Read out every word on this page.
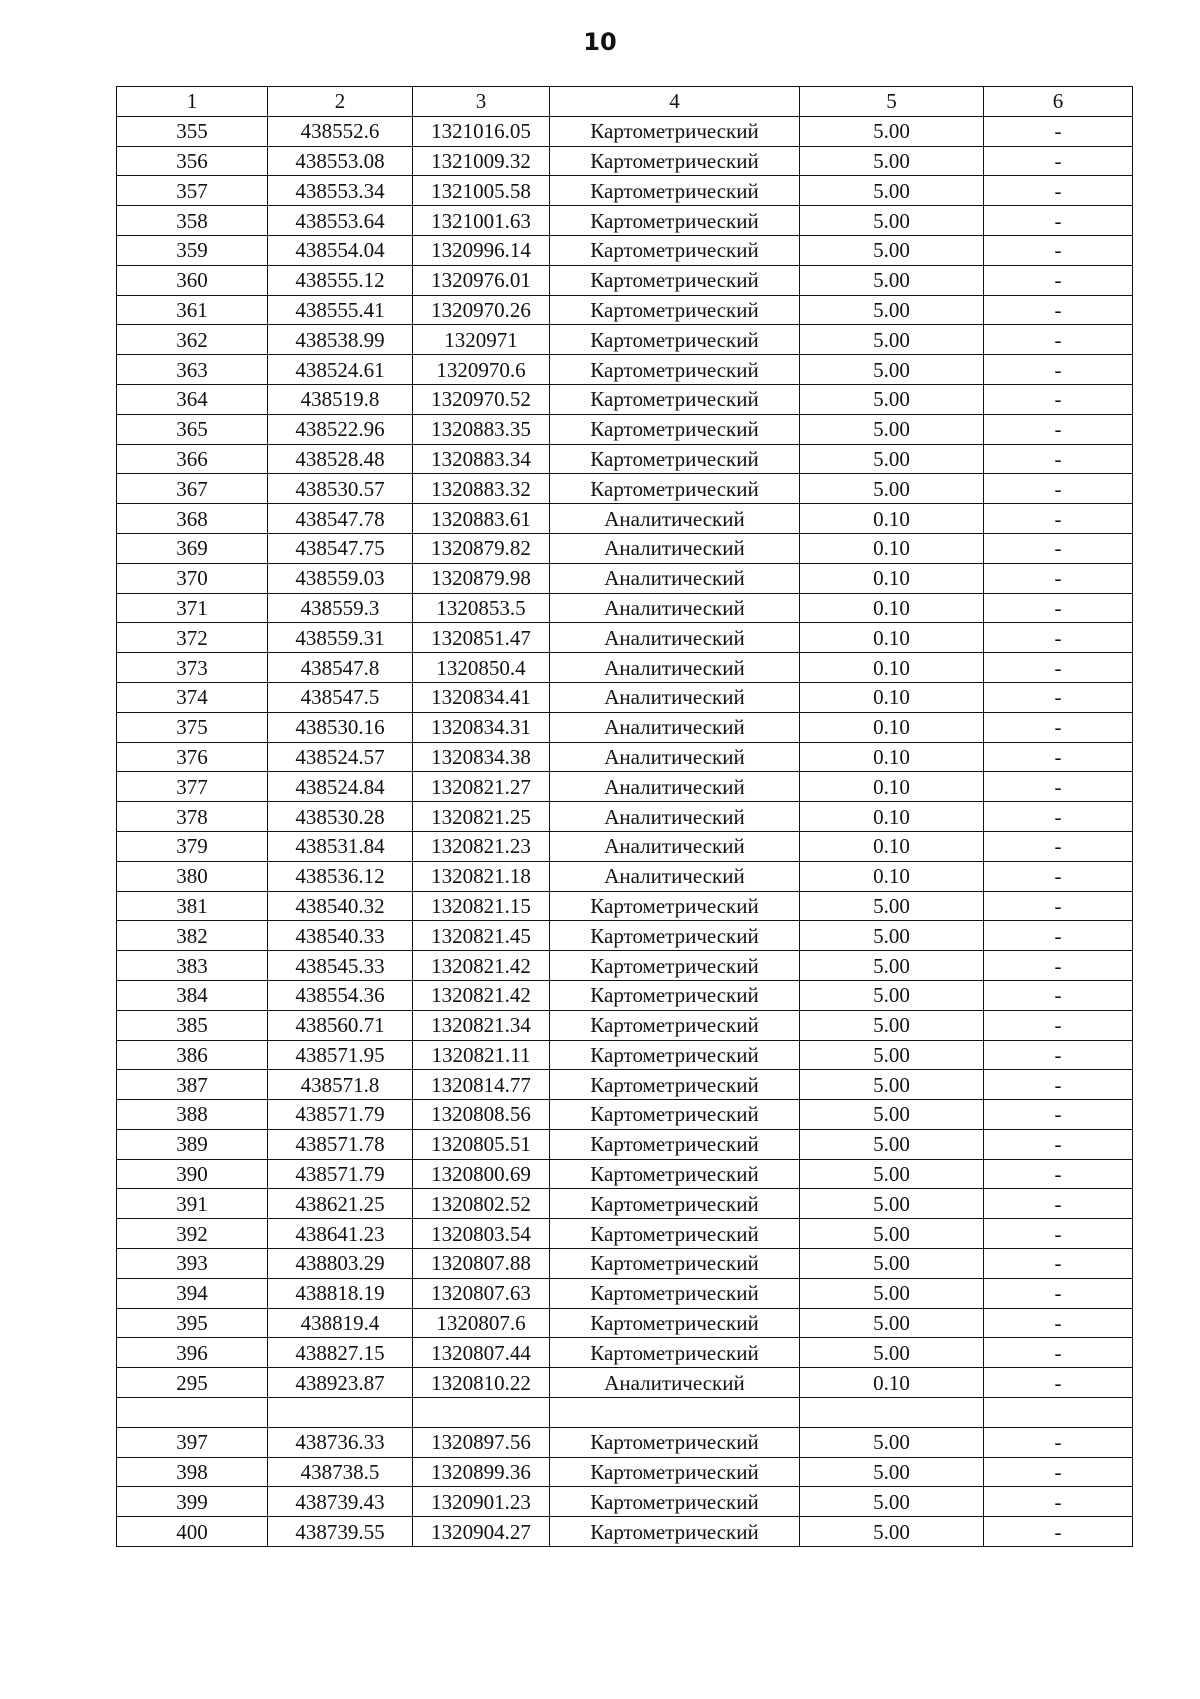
10
1	2	3	4	5	6
355	438552.6	1321016.05	Картометрический	5.00	-
356	438553.08	1321009.32	Картометрический	5.00	-
357	438553.34	1321005.58	Картометрический	5.00	-
358	438553.64	1321001.63	Картометрический	5.00	-
359	438554.04	1320996.14	Картометрический	5.00	-
360	438555.12	1320976.01	Картометрический	5.00	-
361	438555.41	1320970.26	Картометрический	5.00	-
362	438538.99	1320971	Картометрический	5.00	-
363	438524.61	1320970.6	Картометрический	5.00	-
364	438519.8	1320970.52	Картометрический	5.00	-
365	438522.96	1320883.35	Картометрический	5.00	-
366	438528.48	1320883.34	Картометрический	5.00	-
367	438530.57	1320883.32	Картометрический	5.00	-
368	438547.78	1320883.61	Аналитический	0.10	-
369	438547.75	1320879.82	Аналитический	0.10	-
370	438559.03	1320879.98	Аналитический	0.10	-
371	438559.3	1320853.5	Аналитический	0.10	-
372	438559.31	1320851.47	Аналитический	0.10	-
373	438547.8	1320850.4	Аналитический	0.10	-
374	438547.5	1320834.41	Аналитический	0.10	-
375	438530.16	1320834.31	Аналитический	0.10	-
376	438524.57	1320834.38	Аналитический	0.10	-
377	438524.84	1320821.27	Аналитический	0.10	-
378	438530.28	1320821.25	Аналитический	0.10	-
379	438531.84	1320821.23	Аналитический	0.10	-
380	438536.12	1320821.18	Аналитический	0.10	-
381	438540.32	1320821.15	Картометрический	5.00	-
382	438540.33	1320821.45	Картометрический	5.00	-
383	438545.33	1320821.42	Картометрический	5.00	-
384	438554.36	1320821.42	Картометрический	5.00	-
385	438560.71	1320821.34	Картометрический	5.00	-
386	438571.95	1320821.11	Картометрический	5.00	-
387	438571.8	1320814.77	Картометрический	5.00	-
388	438571.79	1320808.56	Картометрический	5.00	-
389	438571.78	1320805.51	Картометрический	5.00	-
390	438571.79	1320800.69	Картометрический	5.00	-
391	438621.25	1320802.52	Картометрический	5.00	-
392	438641.23	1320803.54	Картометрический	5.00	-
393	438803.29	1320807.88	Картометрический	5.00	-
394	438818.19	1320807.63	Картометрический	5.00	-
395	438819.4	1320807.6	Картометрический	5.00	-
396	438827.15	1320807.44	Картометрический	5.00	-
295	438923.87	1320810.22	Аналитический	0.10	-

397	438736.33	1320897.56	Картометрический	5.00	-
398	438738.5	1320899.36	Картометрический	5.00	-
399	438739.43	1320901.23	Картометрический	5.00	-
400	438739.55	1320904.27	Картометрический	5.00	-
